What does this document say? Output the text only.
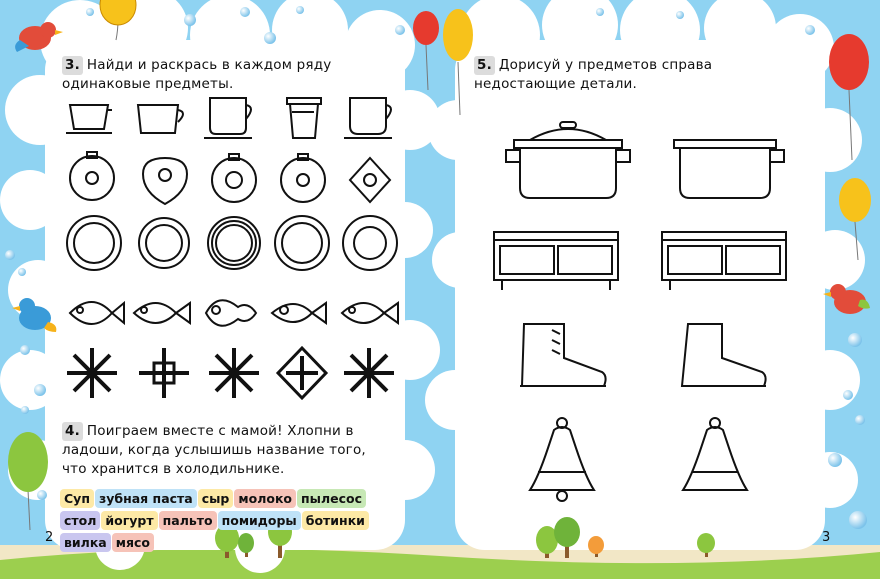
3. Найди и раскрась в каждом ряду одинаковые предметы.
4. Поиграем вместе с мамой! Хлопни в ладоши, когда услышишь название того, что хранится в холодильнике.
Суп зубная паста сыр молоко пылесосстол йогурт пальто помидоры ботинкивилка мясо
5. Дорисуй у предметов справа недостающие детали.
2	3
